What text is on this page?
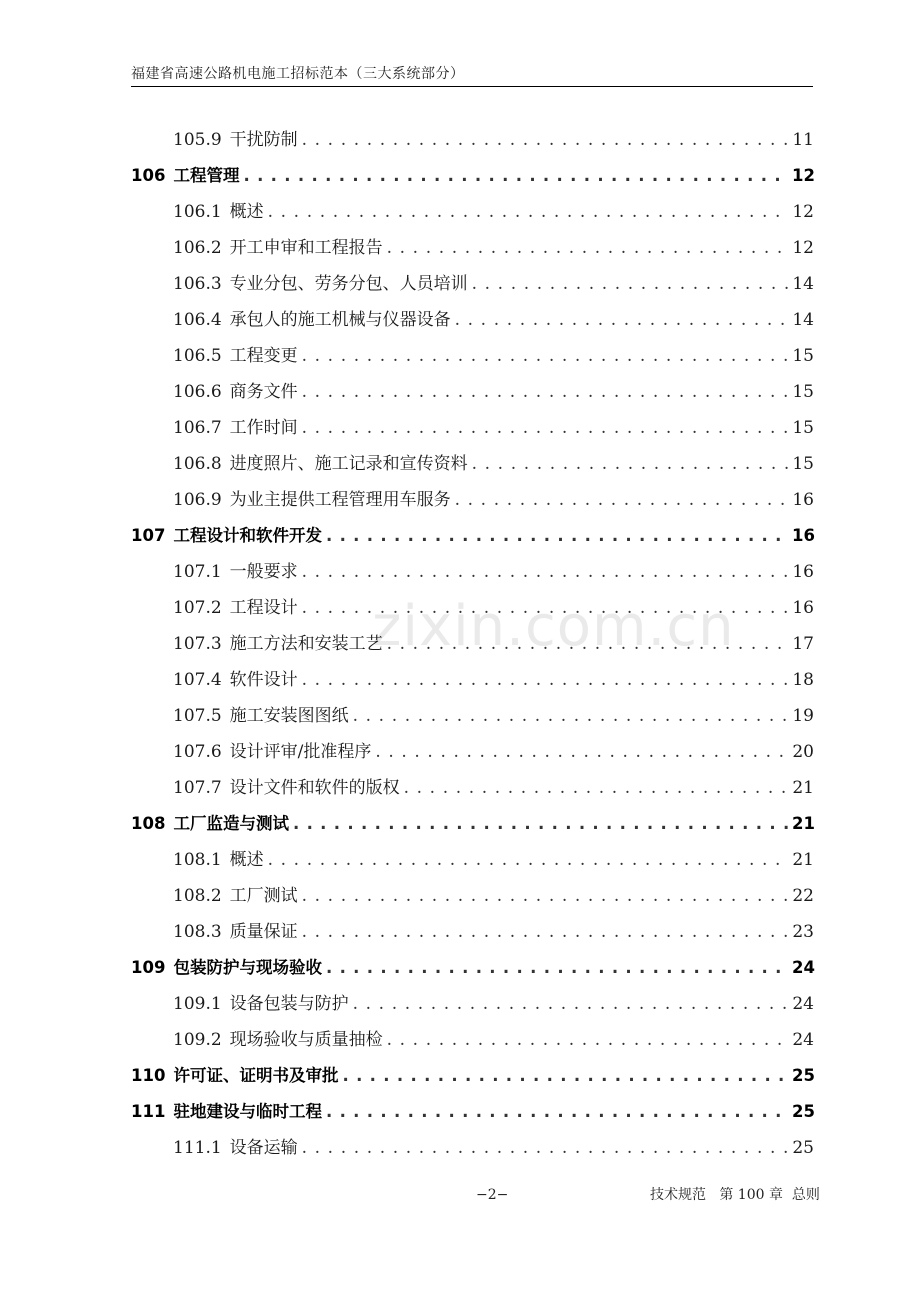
福建省高速公路机电施工招标范本（三大系统部分）
zixin.com.cn
105.9 干扰防制 . . .	11
106 工程管理 . . .	12
106.1 概述 . . .	12
106.2 开工申审和工程报告 . . .	12
106.3 专业分包、劳务分包、人员培训 . . .	14
106.4 承包人的施工机械与仪器设备 . . .	14
106.5 工程变更 . . .	15
106.6 商务文件 . . .	15
106.7 工作时间 . . .	15
106.8 进度照片、施工记录和宣传资料 . . .	15
106.9 为业主提供工程管理用车服务 . . .	16
107 工程设计和软件开发 . . .	16
107.1 一般要求 . . .	16
107.2 工程设计 . . .	16
107.3 施工方法和安装工艺 . . .	17
107.4 软件设计 . . .	18
107.5 施工安装图图纸 . . .	19
107.6 设计评审/批准程序 . . .	20
107.7 设计文件和软件的版权 . . .	21
108 工厂监造与测试 . . .	21
108.1 概述 . . .	21
108.2 工厂测试 . . .	22
108.3 质量保证 . . .	23
109 包装防护与现场验收 . . .	24
109.1 设备包装与防护 . . .	24
109.2 现场验收与质量抽检 . . .	24
110 许可证、证明书及审批 . . .	25
111 驻地建设与临时工程 . . .	25
111.1 设备运输 . . .	25
−2−	技术规范   第 100 章  总则
